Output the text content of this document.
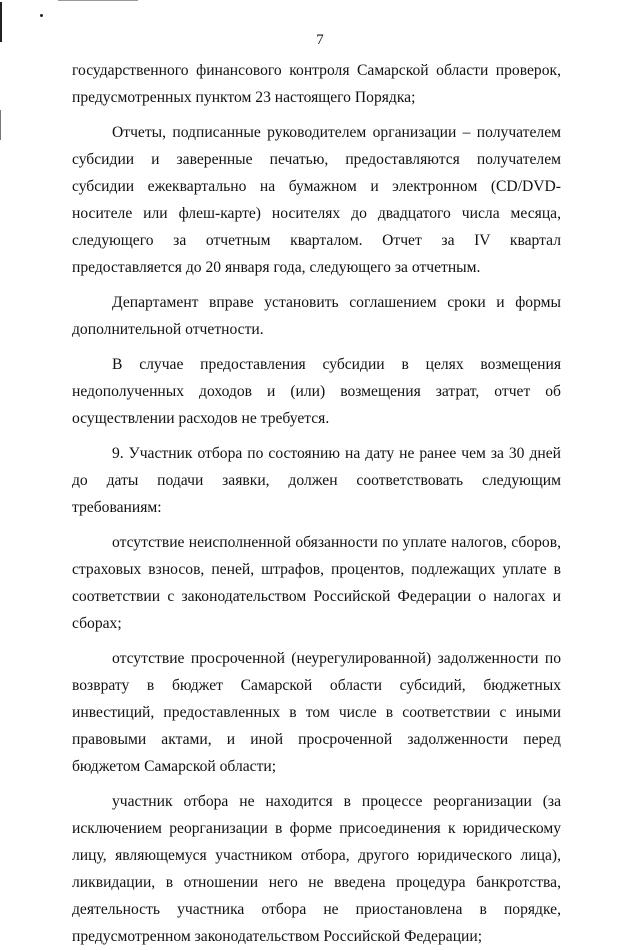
7

государственного финансового контроля Самарской области проверок, предусмотренных пунктом 23 настоящего Порядка;

Отчеты, подписанные руководителем организации – получателем субсидии и заверенные печатью, предоставляются получателем субсидии ежеквартально на бумажном и электронном (CD/DVD-носителе или флеш-карте) носителях до двадцатого числа месяца, следующего за отчетным кварталом. Отчет за IV квартал предоставляется до 20 января года, следующего за отчетным.

Департамент вправе установить соглашением сроки и формы дополнительной отчетности.

В случае предоставления субсидии в целях возмещения недополученных доходов и (или) возмещения затрат, отчет об осуществлении расходов не требуется.

9. Участник отбора по состоянию на дату не ранее чем за 30 дней до даты подачи заявки, должен соответствовать следующим требованиям:

отсутствие неисполненной обязанности по уплате налогов, сборов, страховых взносов, пеней, штрафов, процентов, подлежащих уплате в соответствии с законодательством Российской Федерации о налогах и сборах;

отсутствие просроченной (неурегулированной) задолженности по возврату в бюджет Самарской области субсидий, бюджетных инвестиций, предоставленных в том числе в соответствии с иными правовыми актами, и иной просроченной задолженности перед бюджетом Самарской области;

участник отбора не находится в процессе реорганизации (за исключением реорганизации в форме присоединения к юридическому лицу, являющемуся участником отбора, другого юридического лица), ликвидации, в отношении него не введена процедура банкротства, деятельность участника отбора не приостановлена в порядке, предусмотренном законодательством Российской Федерации;
